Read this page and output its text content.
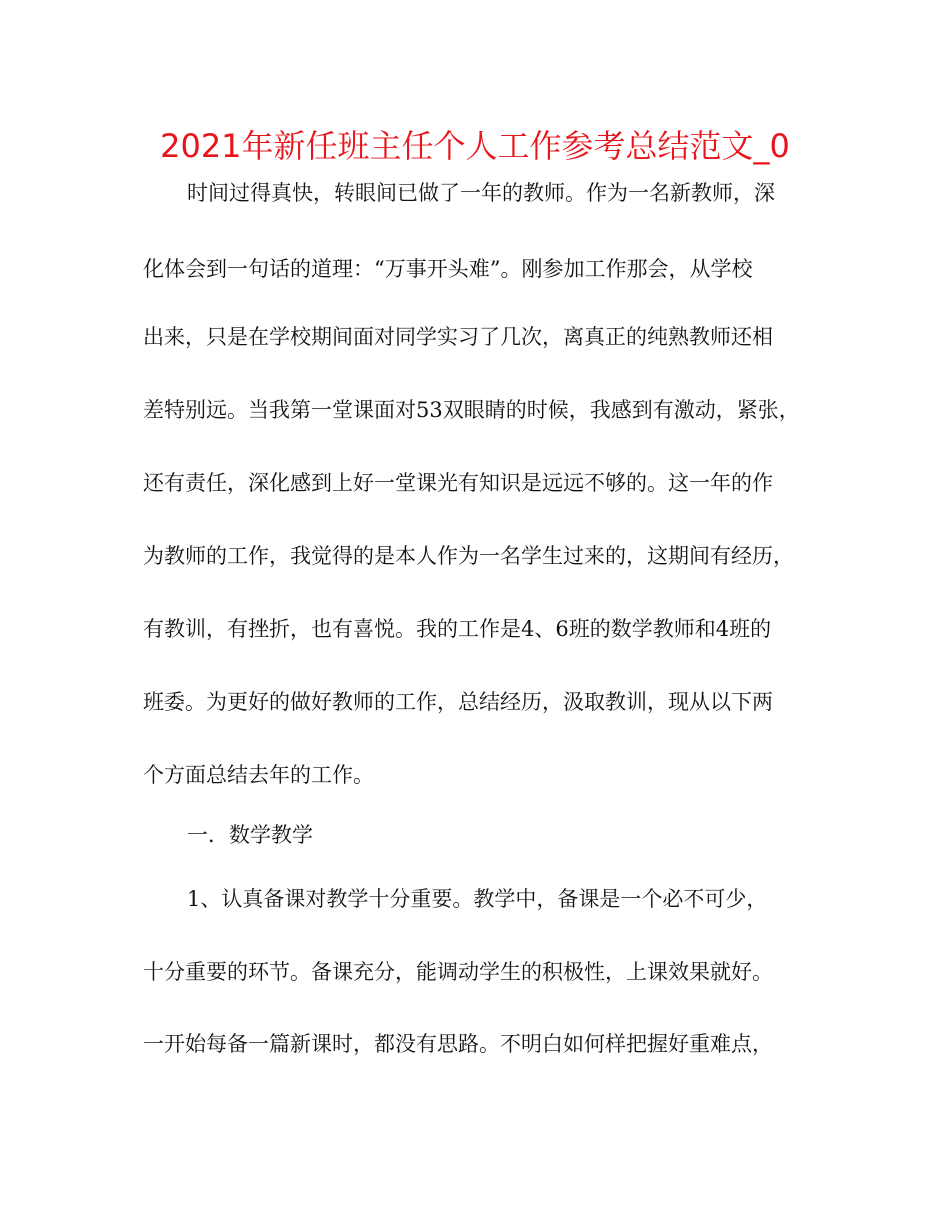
2021年新任班主任个人工作参考总结范文_0
时间过得真快，转眼间已做了一年的教师。作为一名新教师，深
化体会到一句话的道理：“万事开头难”。刚参加工作那会，从学校
出来，只是在学校期间面对同学实习了几次，离真正的纯熟教师还相
差特别远。当我第一堂课面对53双眼睛的时候，我感到有激动，紧张，
还有责任，深化感到上好一堂课光有知识是远远不够的。这一年的作
为教师的工作，我觉得的是本人作为一名学生过来的，这期间有经历，
有教训，有挫折，也有喜悦。我的工作是4、6班的数学教师和4班的
班委。为更好的做好教师的工作，总结经历，汲取教训，现从以下两
个方面总结去年的工作。
一．数学教学
1、认真备课对教学十分重要。教学中，备课是一个必不可少，
十分重要的环节。备课充分，能调动学生的积极性，上课效果就好。
一开始每备一篇新课时，都没有思路。不明白如何样把握好重难点，
